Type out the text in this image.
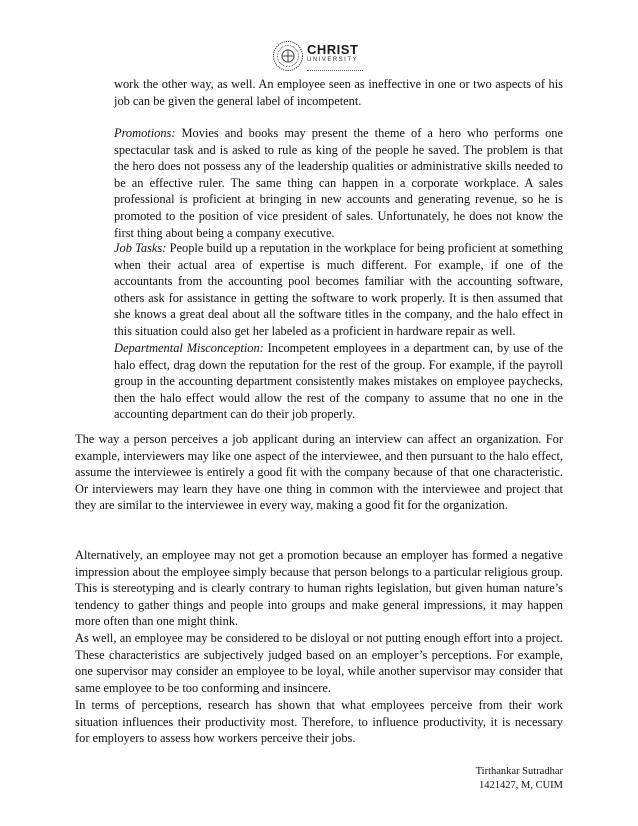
CHRIST
UNIVERSITY

work the other way, as well. An employee seen as ineffective in one or two aspects of his job can be given the general label of incompetent.

Promotions: Movies and books may present the theme of a hero who performs one spectacular task and is asked to rule as king of the people he saved. The problem is that the hero does not possess any of the leadership qualities or administrative skills needed to be an effective ruler. The same thing can happen in a corporate workplace. A sales professional is proficient at bringing in new accounts and generating revenue, so he is promoted to the position of vice president of sales. Unfortunately, he does not know the first thing about being a company executive.

Job Tasks: People build up a reputation in the workplace for being proficient at something when their actual area of expertise is much different. For example, if one of the accountants from the accounting pool becomes familiar with the accounting software, others ask for assistance in getting the software to work properly. It is then assumed that she knows a great deal about all the software titles in the company, and the halo effect in this situation could also get her labeled as a proficient in hardware repair as well.

Departmental Misconception: Incompetent employees in a department can, by use of the halo effect, drag down the reputation for the rest of the group. For example, if the payroll group in the accounting department consistently makes mistakes on employee paychecks, then the halo effect would allow the rest of the company to assume that no one in the accounting department can do their job properly.

The way a person perceives a job applicant during an interview can affect an organization. For example, interviewers may like one aspect of the interviewee, and then pursuant to the halo effect, assume the interviewee is entirely a good fit with the company because of that one characteristic. Or interviewers may learn they have one thing in common with the interviewee and project that they are similar to the interviewee in every way, making a good fit for the organization.

Alternatively, an employee may not get a promotion because an employer has formed a negative impression about the employee simply because that person belongs to a particular religious group. This is stereotyping and is clearly contrary to human rights legislation, but given human nature’s tendency to gather things and people into groups and make general impressions, it may happen more often than one might think.

As well, an employee may be considered to be disloyal or not putting enough effort into a project. These characteristics are subjectively judged based on an employer’s perceptions. For example, one supervisor may consider an employee to be loyal, while another supervisor may consider that same employee to be too conforming and insincere.

In terms of perceptions, research has shown that what employees perceive from their work situation influences their productivity most. Therefore, to influence productivity, it is necessary for employers to assess how workers perceive their jobs.

Tirthankar Sutradhar
1421427, M, CUIM
